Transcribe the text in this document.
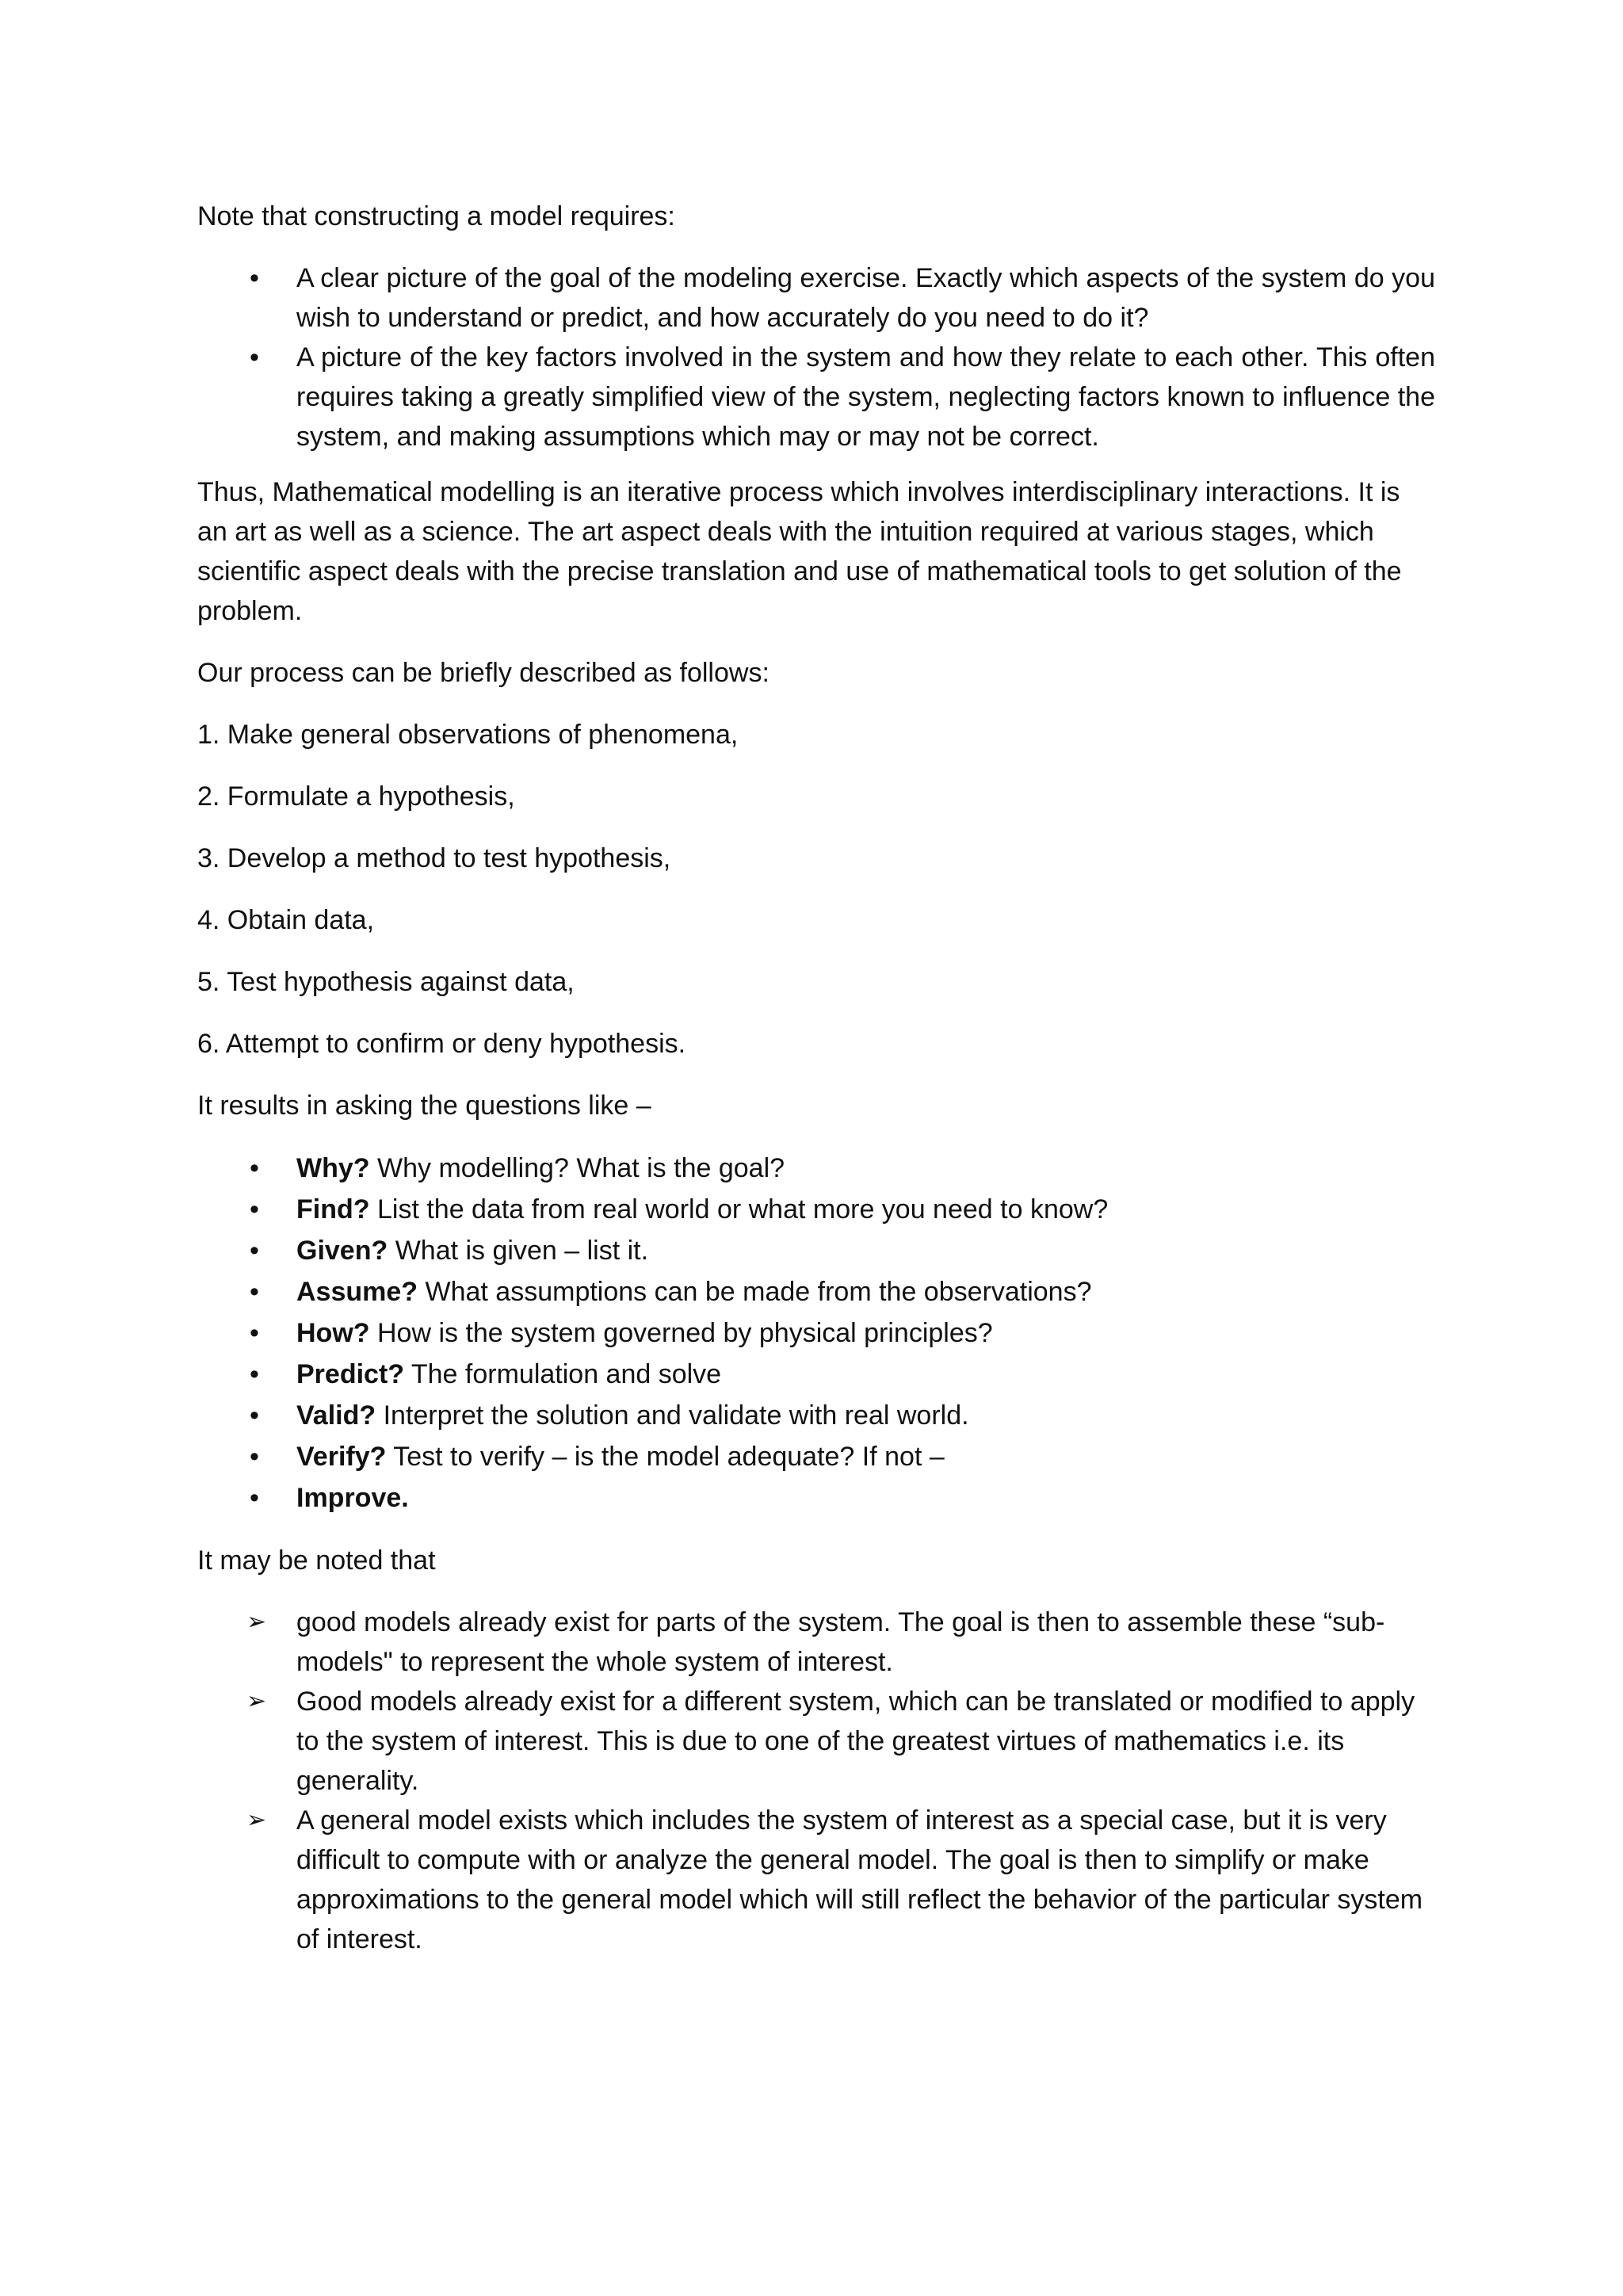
Note that constructing a model requires:

• A clear picture of the goal of the modeling exercise. Exactly which aspects of the system do you wish to understand or predict, and how accurately do you need to do it?
• A picture of the key factors involved in the system and how they relate to each other. This often requires taking a greatly simplified view of the system, neglecting factors known to influence the system, and making assumptions which may or may not be correct.

Thus, Mathematical modelling is an iterative process which involves interdisciplinary interactions. It is an art as well as a science. The art aspect deals with the intuition required at various stages, which scientific aspect deals with the precise translation and use of mathematical tools to get solution of the problem.

Our process can be briefly described as follows:

1. Make general observations of phenomena,

2. Formulate a hypothesis,

3. Develop a method to test hypothesis,

4. Obtain data,

5. Test hypothesis against data,

6. Attempt to confirm or deny hypothesis.

It results in asking the questions like –

• Why? Why modelling? What is the goal?
• Find? List the data from real world or what more you need to know?
• Given? What is given – list it.
• Assume? What assumptions can be made from the observations?
• How? How is the system governed by physical principles?
• Predict? The formulation and solve
• Valid? Interpret the solution and validate with real world.
• Verify? Test to verify – is the model adequate? If not –
• Improve.

It may be noted that

➢ good models already exist for parts of the system. The goal is then to assemble these “sub-models" to represent the whole system of interest.
➢ Good models already exist for a different system, which can be translated or modified to apply to the system of interest. This is due to one of the greatest virtues of mathematics i.e. its generality.
➢ A general model exists which includes the system of interest as a special case, but it is very difficult to compute with or analyze the general model. The goal is then to simplify or make approximations to the general model which will still reflect the behavior of the particular system of interest.
